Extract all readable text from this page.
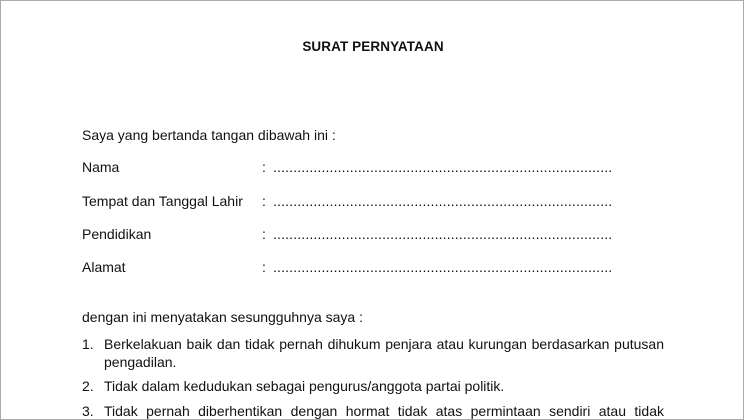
SURAT PERNYATAAN
Saya yang bertanda tangan dibawah ini :
Nama	: ....................................................................................
Tempat dan Tanggal Lahir : ....................................................................................
Pendidikan	: ....................................................................................
Alamat	: ....................................................................................
dengan ini menyatakan sesungguhnya saya :
1. Berkelakuan baik dan tidak pernah dihukum penjara atau kurungan berdasarkan putusan pengadilan.
2. Tidak dalam kedudukan sebagai pengurus/anggota partai politik.
3. Tidak pernah diberhentikan dengan hormat tidak atas permintaan sendiri atau tidak
